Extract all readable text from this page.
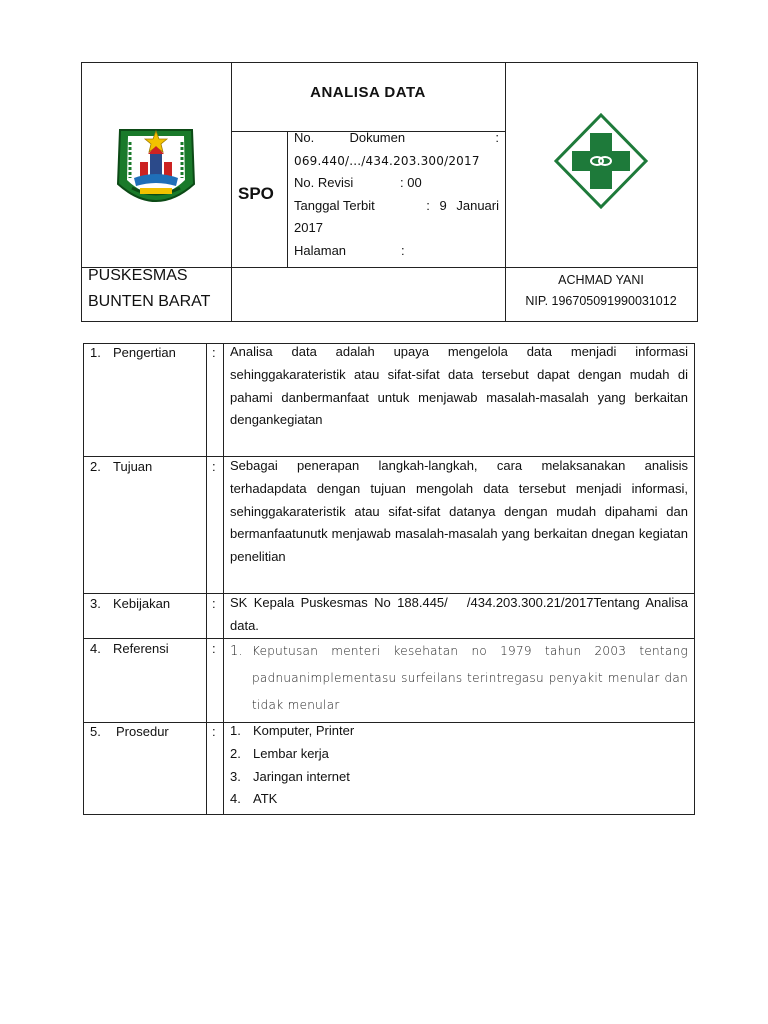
ANALISA DATA
SPO
No.  Dokumen	:
069.440/.../434.203.300/2017
No. Revisi	: 00
Tanggal Terbit	: 9 Januari
2017
Halaman	:
PUSKESMAS
BUNTEN BARAT
ACHMAD YANI
NIP. 196705091990031012
1. Pengertian	: Analisa data adalah upaya mengelola data menjadi informasi sehinggakarateristik atau sifat-sifat data tersebut dapat dengan mudah di pahami danbermanfaat untuk menjawab masalah-masalah yang berkaitan dengankegiatan
2. Tujuan	: Sebagai penerapan langkah-langkah, cara melaksanakan analisis terhadapdata dengan tujuan mengolah data tersebut menjadi informasi, sehinggakarateristik atau sifat-sifat datanya dengan mudah dipahami dan bermanfaatunutk menjawab masalah-masalah yang berkaitan dnegan kegiatan penelitian
3. Kebijakan	: SK Kepala Puskesmas No 188.445/   /434.203.300.21/2017Tentang Analisa data.
4. Referensi	: 1. Keputusan menteri kesehatan no 1979 tahun 2003 tentang padnuanimplementasu surfeilans terintregasu penyakit menular dan tidak menular
5. Prosedur	: 1. Komputer, Printer
2. Lembar kerja
3. Jaringan internet
4. ATK
